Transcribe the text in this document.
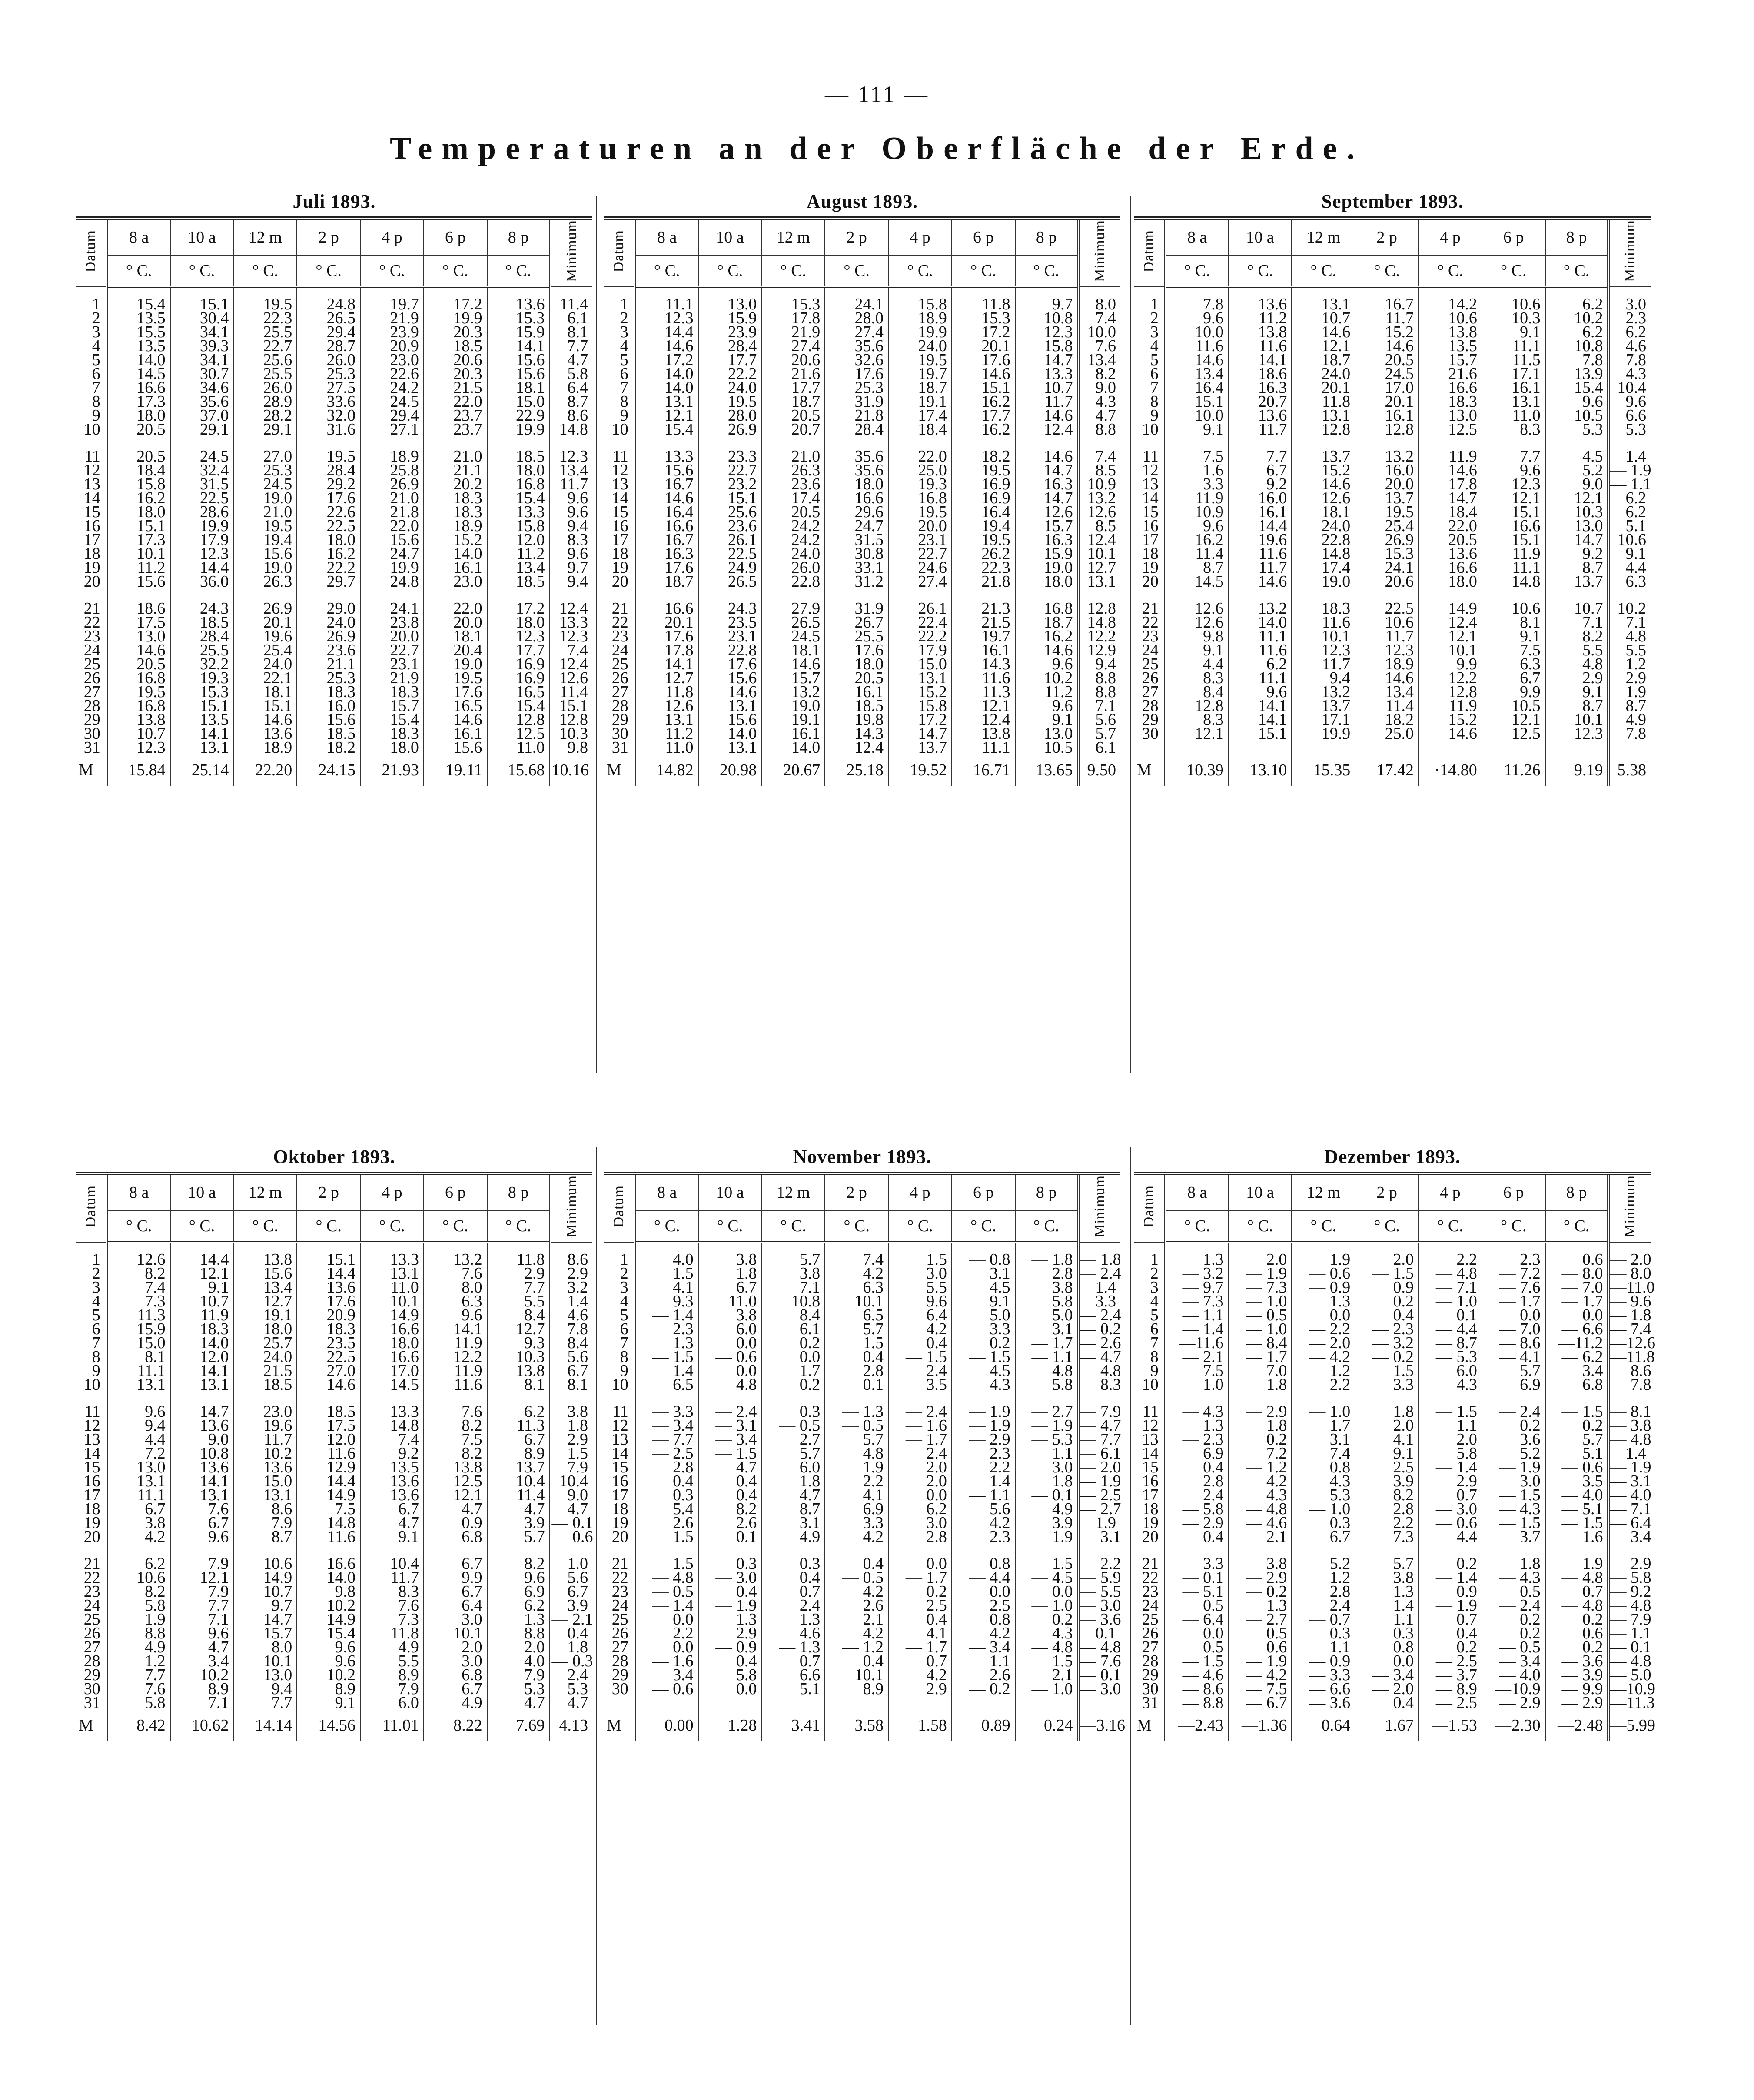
— 111 —
Temperaturen an der Oberfläche der Erde.
Juli 1893.
Datum	8 a	10 a	12 m	2 p	4 p	6 p	8 p	Minimum
	° C.	° C.	° C.	° C.	° C.	° C.	° C.	

1	15.4	15.1	19.5	24.8	19.7	17.2	13.6	11.4
2	13.5	30.4	22.3	26.5	21.9	19.9	15.3	6.1
3	15.5	34.1	25.5	29.4	23.9	20.3	15.9	8.1
4	13.5	39.3	22.7	28.7	20.9	18.5	14.1	7.7
5	14.0	34.1	25.6	26.0	23.0	20.6	15.6	4.7
6	14.5	30.7	25.5	25.3	22.6	20.3	15.6	5.8
7	16.6	34.6	26.0	27.5	24.2	21.5	18.1	6.4
8	17.3	35.6	28.9	33.6	24.5	22.0	15.0	8.7
9	18.0	37.0	28.2	32.0	29.4	23.7	22.9	8.6
10	20.5	29.1	29.1	31.6	27.1	23.7	19.9	14.8

11	20.5	24.5	27.0	19.5	18.9	21.0	18.5	12.3
12	18.4	32.4	25.3	28.4	25.8	21.1	18.0	13.4
13	15.8	31.5	24.5	29.2	26.9	20.2	16.8	11.7
14	16.2	22.5	19.0	17.6	21.0	18.3	15.4	9.6
15	18.0	28.6	21.0	22.6	21.8	18.3	13.3	9.6
16	15.1	19.9	19.5	22.5	22.0	18.9	15.8	9.4
17	17.3	17.9	19.4	18.0	15.6	15.2	12.0	8.3
18	10.1	12.3	15.6	16.2	24.7	14.0	11.2	9.6
19	11.2	14.4	19.0	22.2	19.9	16.1	13.4	9.7
20	15.6	36.0	26.3	29.7	24.8	23.0	18.5	9.4

21	18.6	24.3	26.9	29.0	24.1	22.0	17.2	12.4
22	17.5	18.5	20.1	24.0	23.8	20.0	18.0	13.3
23	13.0	28.4	19.6	26.9	20.0	18.1	12.3	12.3
24	14.6	25.5	25.4	23.6	22.7	20.4	17.7	7.4
25	20.5	32.2	24.0	21.1	23.1	19.0	16.9	12.4
26	16.8	19.3	22.1	25.3	21.9	19.5	16.9	12.6
27	19.5	15.3	18.1	18.3	18.3	17.6	16.5	11.4
28	16.8	15.1	15.1	16.0	15.7	16.5	15.4	15.1
29	13.8	13.5	14.6	15.6	15.4	14.6	12.8	12.8
30	10.7	14.1	13.6	18.5	18.3	16.1	12.5	10.3
31	12.3	13.1	18.9	18.2	18.0	15.6	11.0	9.8
M	15.84	25.14	22.20	24.15	21.93	19.11	15.68	10.16
August 1893.
Datum	8 a	10 a	12 m	2 p	4 p	6 p	8 p	Minimum
	° C.	° C.	° C.	° C.	° C.	° C.	° C.	

1	11.1	13.0	15.3	24.1	15.8	11.8	9.7	8.0
2	12.3	15.9	17.8	28.0	18.9	15.3	10.8	7.4
3	14.4	23.9	21.9	27.4	19.9	17.2	12.3	10.0
4	14.6	28.4	27.4	35.6	24.0	20.1	15.8	7.6
5	17.2	17.7	20.6	32.6	19.5	17.6	14.7	13.4
6	14.0	22.2	21.6	17.6	19.7	14.6	13.3	8.2
7	14.0	24.0	17.7	25.3	18.7	15.1	10.7	9.0
8	13.1	19.5	18.7	31.9	19.1	16.2	11.7	4.3
9	12.1	28.0	20.5	21.8	17.4	17.7	14.6	4.7
10	15.4	26.9	20.7	28.4	18.4	16.2	12.4	8.8

11	13.3	23.3	21.0	35.6	22.0	18.2	14.6	7.4
12	15.6	22.7	26.3	35.6	25.0	19.5	14.7	8.5
13	16.7	23.2	23.6	18.0	19.3	16.9	16.3	10.9
14	14.6	15.1	17.4	16.6	16.8	16.9	14.7	13.2
15	16.4	25.6	20.5	29.6	19.5	16.4	12.6	12.6
16	16.6	23.6	24.2	24.7	20.0	19.4	15.7	8.5
17	16.7	26.1	24.2	31.5	23.1	19.5	16.3	12.4
18	16.3	22.5	24.0	30.8	22.7	26.2	15.9	10.1
19	17.6	24.9	26.0	33.1	24.6	22.3	19.0	12.7
20	18.7	26.5	22.8	31.2	27.4	21.8	18.0	13.1

21	16.6	24.3	27.9	31.9	26.1	21.3	16.8	12.8
22	20.1	23.5	26.5	26.7	22.4	21.5	18.7	14.8
23	17.6	23.1	24.5	25.5	22.2	19.7	16.2	12.2
24	17.8	22.8	18.1	17.6	17.9	16.1	14.6	12.9
25	14.1	17.6	14.6	18.0	15.0	14.3	9.6	9.4
26	12.7	15.6	15.7	20.5	13.1	11.6	10.2	8.8
27	11.8	14.6	13.2	16.1	15.2	11.3	11.2	8.8
28	12.6	13.1	19.0	18.5	15.8	12.1	9.6	7.1
29	13.1	15.6	19.1	19.8	17.2	12.4	9.1	5.6
30	11.2	14.0	16.1	14.3	14.7	13.8	13.0	5.7
31	11.0	13.1	14.0	12.4	13.7	11.1	10.5	6.1
M	14.82	20.98	20.67	25.18	19.52	16.71	13.65	9.50
September 1893.
Datum	8 a	10 a	12 m	2 p	4 p	6 p	8 p	Minimum
	° C.	° C.	° C.	° C.	° C.	° C.	° C.	

1	7.8	13.6	13.1	16.7	14.2	10.6	6.2	3.0
2	9.6	11.2	10.7	11.7	10.6	10.3	10.2	2.3
3	10.0	13.8	14.6	15.2	13.8	9.1	6.2	6.2
4	11.6	11.6	12.1	14.6	13.5	11.1	10.8	4.6
5	14.6	14.1	18.7	20.5	15.7	11.5	7.8	7.8
6	13.4	18.6	24.0	24.5	21.6	17.1	13.9	4.3
7	16.4	16.3	20.1	17.0	16.6	16.1	15.4	10.4
8	15.1	20.7	11.8	20.1	18.3	13.1	9.6	9.6
9	10.0	13.6	13.1	16.1	13.0	11.0	10.5	6.6
10	9.1	11.7	12.8	12.8	12.5	8.3	5.3	5.3

11	7.5	7.7	13.7	13.2	11.9	7.7	4.5	1.4
12	1.6	6.7	15.2	16.0	14.6	9.6	5.2	— 1.9
13	3.3	9.2	14.6	20.0	17.8	12.3	9.0	— 1.1
14	11.9	16.0	12.6	13.7	14.7	12.1	12.1	6.2
15	10.9	16.1	18.1	19.5	18.4	15.1	10.3	6.2
16	9.6	14.4	24.0	25.4	22.0	16.6	13.0	5.1
17	16.2	19.6	22.8	26.9	20.5	15.1	14.7	10.6
18	11.4	11.6	14.8	15.3	13.6	11.9	9.2	9.1
19	8.7	11.7	17.4	24.1	16.6	11.1	8.7	4.4
20	14.5	14.6	19.0	20.6	18.0	14.8	13.7	6.3

21	12.6	13.2	18.3	22.5	14.9	10.6	10.7	10.2
22	12.6	14.0	11.6	10.6	12.4	8.1	7.1	7.1
23	9.8	11.1	10.1	11.7	12.1	9.1	8.2	4.8
24	9.1	11.6	12.3	12.3	10.1	7.5	5.5	5.5
25	4.4	6.2	11.7	18.9	9.9	6.3	4.8	1.2
26	8.3	11.1	9.4	14.6	12.2	6.7	2.9	2.9
27	8.4	9.6	13.2	13.4	12.8	9.9	9.1	1.9
28	12.8	14.1	13.7	11.4	11.9	10.5	8.7	8.7
29	8.3	14.1	17.1	18.2	15.2	12.1	10.1	4.9
30	12.1	15.1	19.9	25.0	14.6	12.5	12.3	7.8

M	10.39	13.10	15.35	17.42	·14.80	11.26	9.19	5.38
Oktober 1893.
Datum	8 a	10 a	12 m	2 p	4 p	6 p	8 p	Minimum
	° C.	° C.	° C.	° C.	° C.	° C.	° C.	

1	12.6	14.4	13.8	15.1	13.3	13.2	11.8	8.6
2	8.2	12.1	15.6	14.4	13.1	7.6	2.9	2.9
3	7.4	9.1	13.4	13.6	11.0	8.0	7.7	3.2
4	7.3	10.7	12.7	17.6	10.1	6.3	5.5	1.4
5	11.3	11.9	19.1	20.9	14.9	9.6	8.4	4.6
6	15.9	18.3	18.0	18.3	16.6	14.1	12.7	7.8
7	15.0	14.0	25.7	23.5	18.0	11.9	9.3	8.4
8	8.1	12.0	24.0	22.5	16.6	12.2	10.3	5.6
9	11.1	14.1	21.5	27.0	17.0	11.9	13.8	6.7
10	13.1	13.1	18.5	14.6	14.5	11.6	8.1	8.1

11	9.6	14.7	23.0	18.5	13.3	7.6	6.2	3.8
12	9.4	13.6	19.6	17.5	14.8	8.2	11.3	1.8
13	4.4	9.0	11.7	12.0	7.4	7.5	6.7	2.9
14	7.2	10.8	10.2	11.6	9.2	8.2	8.9	1.5
15	13.0	13.6	13.6	12.9	13.5	13.8	13.7	7.9
16	13.1	14.1	15.0	14.4	13.6	12.5	10.4	10.4
17	11.1	13.1	13.1	14.9	13.6	12.1	11.4	9.0
18	6.7	7.6	8.6	7.5	6.7	4.7	4.7	4.7
19	3.8	6.7	7.9	14.8	4.7	0.9	3.9	— 0.1
20	4.2	9.6	8.7	11.6	9.1	6.8	5.7	— 0.6

21	6.2	7.9	10.6	16.6	10.4	6.7	8.2	1.0
22	10.6	12.1	14.9	14.0	11.7	9.9	9.6	5.6
23	8.2	7.9	10.7	9.8	8.3	6.7	6.9	6.7
24	5.8	7.7	9.7	10.2	7.6	6.4	6.2	3.9
25	1.9	7.1	14.7	14.9	7.3	3.0	1.3	— 2.1
26	8.8	9.6	15.7	15.4	11.8	10.1	8.8	0.4
27	4.9	4.7	8.0	9.6	4.9	2.0	2.0	1.8
28	1.2	3.4	10.1	9.6	5.5	3.0	4.0	— 0.3
29	7.7	10.2	13.0	10.2	8.9	6.8	7.9	2.4
30	7.6	8.9	9.4	8.9	7.9	6.7	5.3	5.3
31	5.8	7.1	7.7	9.1	6.0	4.9	4.7	4.7
M	8.42	10.62	14.14	14.56	11.01	8.22	7.69	4.13
November 1893.
Datum	8 a	10 a	12 m	2 p	4 p	6 p	8 p	Minimum
	° C.	° C.	° C.	° C.	° C.	° C.	° C.	

1	4.0	3.8	5.7	7.4	1.5	— 0.8	— 1.8	— 1.8
2	1.5	1.8	3.8	4.2	3.0	3.1	2.8	— 2.4
3	4.1	6.7	7.1	6.3	5.5	4.5	3.8	1.4
4	9.3	11.0	10.8	10.1	9.6	9.1	5.8	3.3
5	— 1.4	3.8	8.4	6.5	6.4	5.0	5.0	— 2.4
6	2.3	6.0	6.1	5.7	4.2	3.3	3.1	— 0.2
7	1.3	0.0	0.2	1.5	0.4	0.2	— 1.7	— 2.6
8	— 1.5	— 0.6	0.0	0.4	— 1.5	— 1.5	— 1.1	— 4.7
9	— 1.4	— 0.0	1.7	2.8	— 2.4	— 4.5	— 4.8	— 4.8
10	— 6.5	— 4.8	0.2	0.1	— 3.5	— 4.3	— 5.8	— 8.3

11	— 3.3	— 2.4	0.3	— 1.3	— 2.4	— 1.9	— 2.7	— 7.9
12	— 3.4	— 3.1	— 0.5	— 0.5	— 1.6	— 1.9	— 1.9	— 4.7
13	— 7.7	— 3.4	2.7	5.7	— 1.7	— 2.9	— 5.3	— 7.7
14	— 2.5	— 1.5	5.7	4.8	2.4	2.3	1.1	— 6.1
15	2.8	4.7	6.0	1.9	2.0	2.2	3.0	— 2.0
16	0.4	0.4	1.8	2.2	2.0	1.4	1.8	— 1.9
17	0.3	0.4	4.7	4.1	0.0	— 1.1	— 0.1	— 2.5
18	5.4	8.2	8.7	6.9	6.2	5.6	4.9	— 2.7
19	2.6	2.6	3.1	3.3	3.0	4.2	3.9	1.9
20	— 1.5	0.1	4.9	4.2	2.8	2.3	1.9	— 3.1

21	— 1.5	— 0.3	0.3	0.4	0.0	— 0.8	— 1.5	— 2.2
22	— 4.8	— 3.0	0.4	— 0.5	— 1.7	— 4.4	— 4.5	— 5.9
23	— 0.5	0.4	0.7	4.2	0.2	0.0	0.0	— 5.5
24	— 1.4	— 1.9	2.4	2.6	2.5	2.5	— 1.0	— 3.0
25	0.0	1.3	1.3	2.1	0.4	0.8	0.2	— 3.6
26	2.2	2.9	4.6	4.2	4.1	4.2	4.3	0.1
27	0.0	— 0.9	— 1.3	— 1.2	— 1.7	— 3.4	— 4.8	— 4.8
28	— 1.6	0.4	0.7	0.4	0.7	1.1	1.5	— 7.6
29	3.4	5.8	6.6	10.1	4.2	2.6	2.1	— 0.1
30	— 0.6	0.0	5.1	8.9	2.9	— 0.2	— 1.0	— 3.0

M	0.00	1.28	3.41	3.58	1.58	0.89	0.24	—3.16
Dezember 1893.
Datum	8 a	10 a	12 m	2 p	4 p	6 p	8 p	Minimum
	° C.	° C.	° C.	° C.	° C.	° C.	° C.	

1	1.3	2.0	1.9	2.0	2.2	2.3	0.6	— 2.0
2	— 3.2	— 1.9	— 0.6	— 1.5	— 4.8	— 7.2	— 8.0	— 8.0
3	— 9.7	— 7.3	— 0.9	0.9	— 7.1	— 7.6	— 7.0	—11.0
4	— 7.3	— 1.0	1.3	0.2	— 1.0	— 1.7	— 1.7	— 9.6
5	— 1.1	— 0.5	0.0	0.4	0.1	0.0	0.0	— 1.8
6	— 1.4	— 1.0	— 2.2	— 2.3	— 4.4	— 7.0	— 6.6	— 7.4
7	—11.6	— 8.4	— 2.0	— 3.2	— 8.7	— 8.6	—11.2	—12.6
8	— 2.1	— 1.7	— 4.2	— 0.2	— 5.3	— 4.1	— 6.2	—11.8
9	— 7.5	— 7.0	— 1.2	— 1.5	— 6.0	— 5.7	— 3.4	— 8.6
10	— 1.0	— 1.8	2.2	3.3	— 4.3	— 6.9	— 6.8	— 7.8

11	— 4.3	— 2.9	— 1.0	1.8	— 1.5	— 2.4	— 1.5	— 8.1
12	1.3	1.8	1.7	2.0	1.1	0.2	0.2	— 3.8
13	— 2.3	0.2	3.1	4.1	2.0	3.6	5.7	— 4.8
14	6.9	7.2	7.4	9.1	5.8	5.2	5.1	1.4
15	0.4	— 1.2	0.8	2.5	— 1.4	— 1.9	— 0.6	— 1.9
16	2.8	4.2	4.3	3.9	2.9	3.0	3.5	— 3.1
17	2.4	4.3	5.3	8.2	0.7	— 1.5	— 4.0	— 4.0
18	— 5.8	— 4.8	— 1.0	2.8	— 3.0	— 4.3	— 5.1	— 7.1
19	— 2.9	— 4.6	0.3	2.2	— 0.6	— 1.5	— 1.5	— 6.4
20	0.4	2.1	6.7	7.3	4.4	3.7	1.6	— 3.4

21	3.3	3.8	5.2	5.7	0.2	— 1.8	— 1.9	— 2.9
22	— 0.1	— 2.9	1.2	3.8	— 1.4	— 4.3	— 4.8	— 5.8
23	— 5.1	— 0.2	2.8	1.3	0.9	0.5	0.7	— 9.2
24	0.5	1.3	2.4	1.4	— 1.9	— 2.4	— 4.8	— 4.8
25	— 6.4	— 2.7	— 0.7	1.1	0.7	0.2	0.2	— 7.9
26	0.0	0.5	0.3	0.3	0.4	0.2	0.6	— 1.1
27	0.5	0.6	1.1	0.8	0.2	— 0.5	0.2	— 0.1
28	— 1.5	— 1.9	— 0.9	0.0	— 2.5	— 3.4	— 3.6	— 4.8
29	— 4.6	— 4.2	— 3.3	— 3.4	— 3.7	— 4.0	— 3.9	— 5.0
30	— 8.6	— 7.5	— 6.6	— 2.0	— 8.9	—10.9	— 9.9	—10.9
31	— 8.8	— 6.7	— 3.6	0.4	— 2.5	— 2.9	— 2.9	—11.3
M	—2.43	—1.36	0.64	1.67	—1.53	—2.30	—2.48	—5.99
